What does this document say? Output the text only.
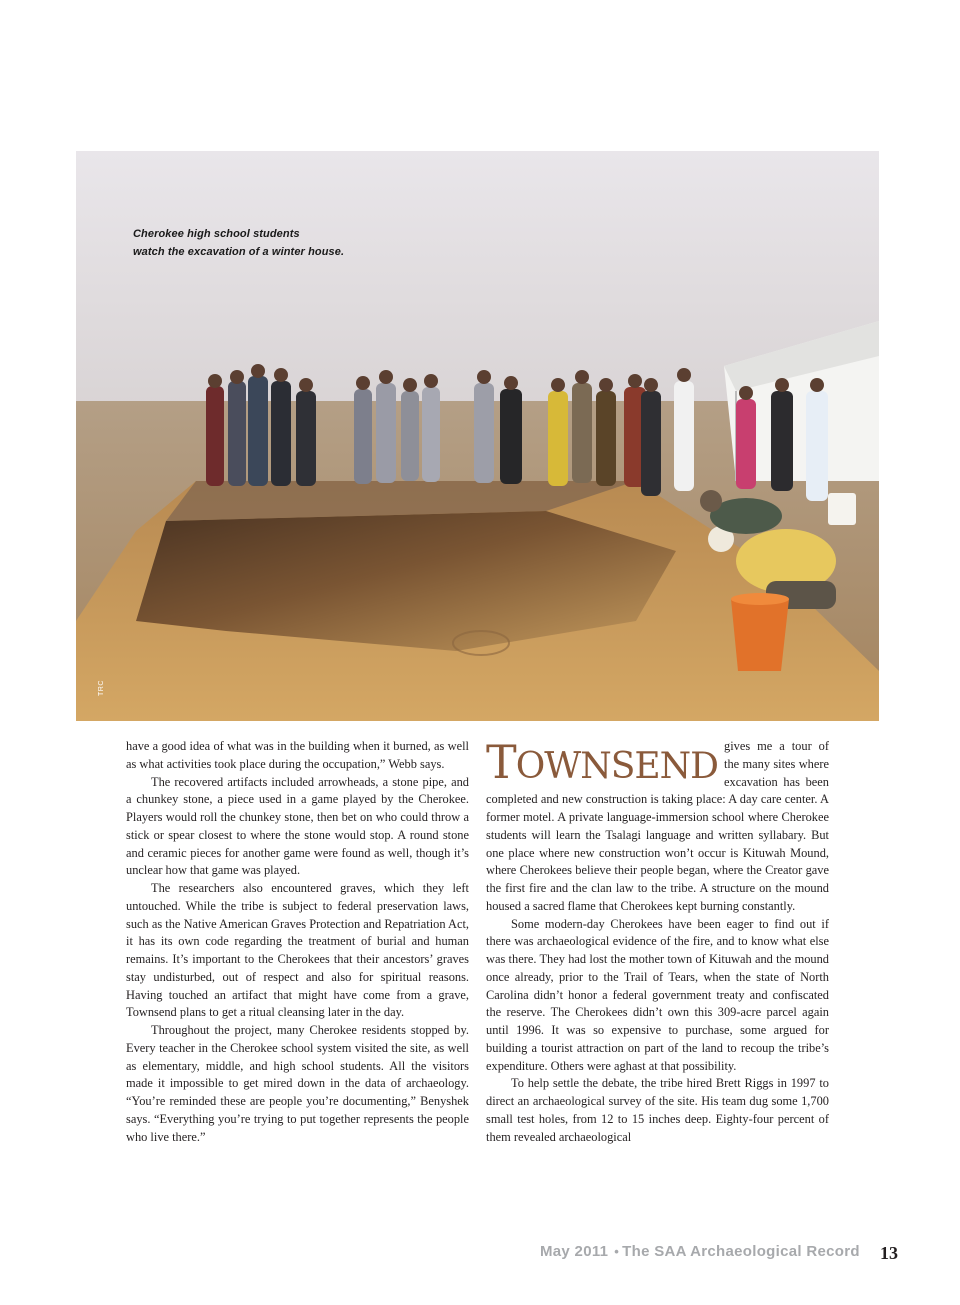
Cherokee high school students
watch the excavation of a winter house.
TRC

have a good idea of what was in the building when it burned, as well as what activities took place during the occupation,” Webb says.

The recovered artifacts included arrowheads, a stone pipe, and a chunkey stone, a piece used in a game played by the Cherokee. Players would roll the chunkey stone, then bet on who could throw a stick or spear closest to where the stone would stop. A round stone and ceramic pieces for another game were found as well, though it’s unclear how that game was played.

The researchers also encountered graves, which they left untouched. While the tribe is subject to federal preservation laws, such as the Native American Graves Protection and Repatriation Act, it has its own code regarding the treatment of burial and human remains. It’s important to the Cherokees that their ancestors’ graves stay undisturbed, out of respect and also for spiritual reasons. Having touched an artifact that might have come from a grave, Townsend plans to get a ritual cleansing later in the day.

Throughout the project, many Cherokee residents stopped by. Every teacher in the Cherokee school system visited the site, as well as elementary, middle, and high school students. All the visitors made it impossible to get mired down in the data of archaeology. “You’re reminded these are people you’re documenting,” Benyshek says. “Everything you’re trying to put together represents the people who live there.”

TOWNSEND gives me a tour of the many sites where excavation has been completed and new construction is taking place: A day care center. A former motel. A private language-immersion school where Cherokee students will learn the Tsalagi language and written syllabary. But one place where new construction won’t occur is Kituwah Mound, where Cherokees believe their people began, where the Creator gave the first fire and the clan law to the tribe. A structure on the mound housed a sacred flame that Cherokees kept burning constantly.

Some modern-day Cherokees have been eager to find out if there was archaeological evidence of the fire, and to know what else was there. They had lost the mother town of Kituwah and the mound once already, prior to the Trail of Tears, when the state of North Carolina didn’t honor a federal government treaty and confiscated the reserve. The Cherokees didn’t own this 309-acre parcel again until 1996. It was so expensive to purchase, some argued for building a tourist attraction on part of the land to recoup the tribe’s expenditure. Others were aghast at that possibility.

To help settle the debate, the tribe hired Brett Riggs in 1997 to direct an archaeological survey of the site. His team dug some 1,700 small test holes, from 12 to 15 inches deep. Eighty-four percent of them revealed archaeological

May 2011 • The SAA Archaeological Record 13
